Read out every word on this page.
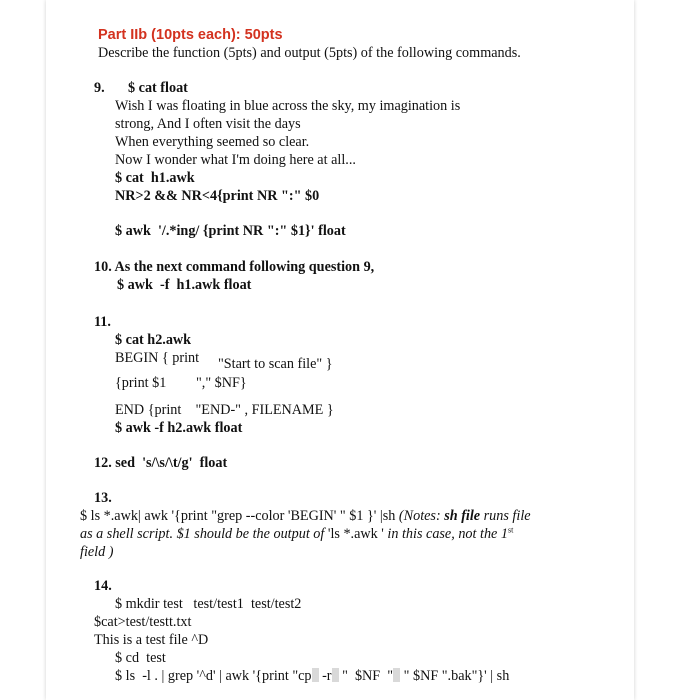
Part IIb (10pts each): 50pts
Describe the function (5pts) and output (5pts) of the following commands.
9. $ cat float
Wish I was floating in blue across the sky, my imagination is
strong, And I often visit the days
When everything seemed so clear.
Now I wonder what I'm doing here at all...
$ cat  h1.awk
NR>2 && NR<4{print NR ":" $0
$ awk  '/.*ing/ {print NR ":" $1}' float
10. As the next command following question 9,
$ awk  -f  h1.awk float
11.
$ cat h2.awk
BEGIN { print "Start to scan file" }
{print $1 "," $NF}
END {print    "END-" , FILENAME }
$ awk -f h2.awk float
12. sed  's/\s/\t/g'  float
13.
$ ls *.awk| awk '{print "grep --color 'BEGIN' " $1 }' |sh (Notes: sh file runs file
as a shell script. $1 should be the output of 'ls *.awk ' in this case, not the 1st
field )
14.
$ mkdir test   test/test1  test/test2
$cat>test/testt.txt
This is a test file ^D
$ cd  test
$ ls  -l . | grep '^d' | awk '{print "cp -r "  $NF  " " $NF ".bak"}' | sh
